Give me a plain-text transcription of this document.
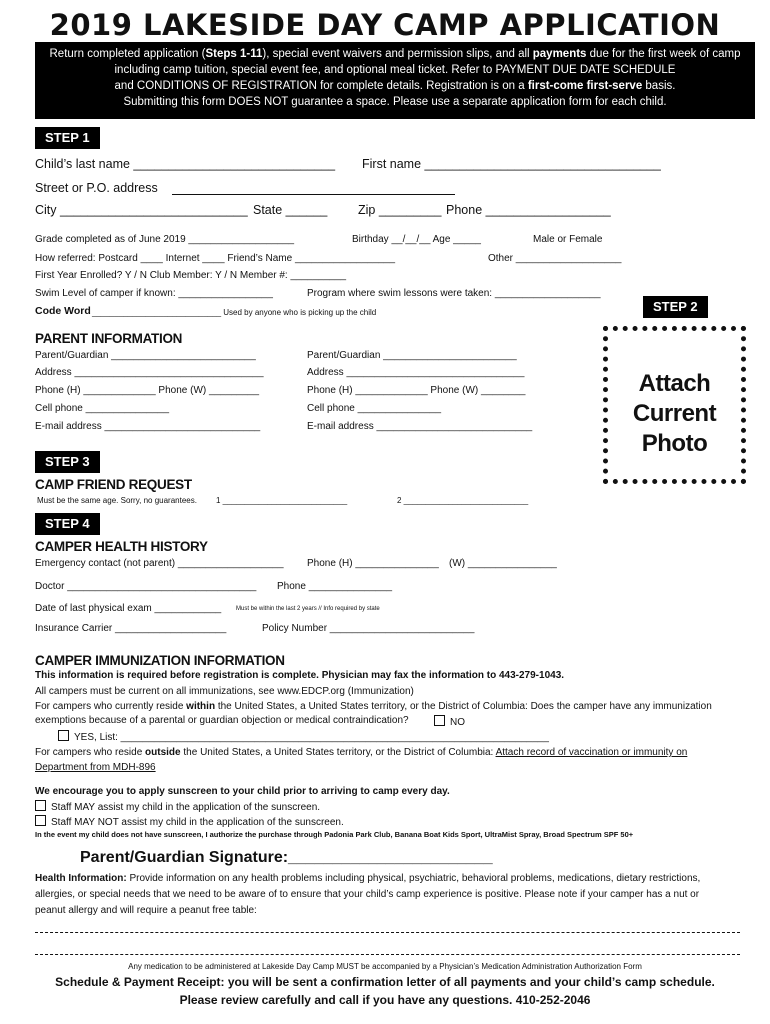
2019 LAKESIDE DAY CAMP APPLICATION
Return completed application (Steps 1-11), special event waivers and permission slips, and all payments due for the first week of camp
including camp tuition, special event fee, and optional meal ticket. Refer to PAYMENT DUE DATE SCHEDULE
and CONDITIONS OF REGISTRATION for complete details. Registration is on a first-come first-serve basis.
Submitting this form DOES NOT guarantee a space. Please use a separate application form for each child.
STEP 1
Child’s last name _____________________________ First name __________________________________
Street or P.O. address
City ___________________________ State ______ Zip _________ Phone __________________
Grade completed as of June 2019 ___________________	Birthday __/__/__ Age _____	Male or Female
How referred: Postcard ____ Internet ____ Friend’s Name __________________	Other ___________________
First Year Enrolled? Y / N Club Member: Y / N Member #: __________
Swim Level of camper if known: _________________	Program where swim lessons were taken: ___________________
Code Word _____________________________ Used by anyone who is picking up the child	STEP 2
Attach
Current
Photo
PARENT INFORMATION
Parent/Guardian __________________________
Address __________________________________
Phone (H) _____________ Phone (W) _________
Cell phone _______________
E-mail address ____________________________
Parent/Guardian ________________________
Address ________________________________
Phone (H) _____________ Phone (W) ________
Cell phone _______________
E-mail address ____________________________
STEP 3
CAMP FRIEND REQUEST
Must be the same age. Sorry, no guarantees. 1 ____________________________	2 ____________________________
STEP 4
CAMPER HEALTH HISTORY
Emergency contact (not parent) ___________________ Phone (H) _______________ (W) ________________
Doctor __________________________________ Phone _______________
Date of last physical exam ____________ Must be within the last 2 years // Info required by state
Insurance Carrier ____________________	Policy Number __________________________
CAMPER IMMUNIZATION INFORMATION
This information is required before registration is complete. Physician may fax the information to 443-279-1043.
All campers must be current on all immunizations, see www.EDCP.org (Immunization)
For campers who currently reside within the United States, a United States territory, or the District of Columbia: Does the camper have any immunization
exemptions because of a parental or guardian objection or medical contraindication?	NO
YES, List: _____________________________________________________________________________
For campers who reside outside the United States, a United States territory, or the District of Columbia: Attach record of vaccination or immunity on
Department from MDH-896
We encourage you to apply sunscreen to your child prior to arriving to camp every day.
Staff MAY assist my child in the application of the sunscreen.
Staff MAY NOT assist my child in the application of the sunscreen.
In the event my child does not have sunscreen, I authorize the purchase through Padonia Park Club, Banana Boat Kids Sport, UltraMist Spray, Broad Spectrum SPF 50+
Parent/Guardian Signature:_______________________
Health Information: Provide information on any health problems including physical, psychiatric, behavioral problems, medications, dietary restrictions,
allergies, or special needs that we need to be aware of to ensure that your child’s camp experience is positive. Please note if your camper has a nut or
peanut allergy and will require a peanut free table:
Any medication to be administered at Lakeside Day Camp MUST be accompanied by a Physician’s Medication Administration Authorization Form
Schedule & Payment Receipt: you will be sent a confirmation letter of all payments and your child’s camp schedule.
Please review carefully and call if you have any questions. 410-252-2046
